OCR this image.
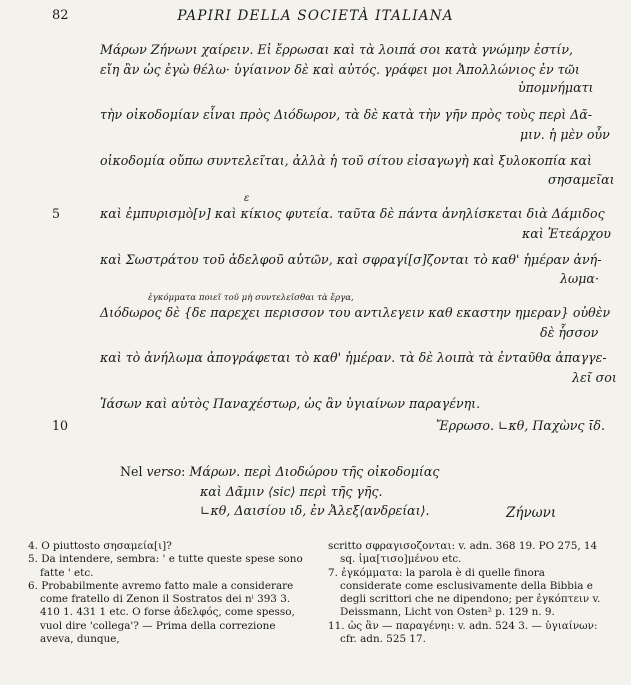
82	PAPIRI DELLA SOCIETÀ ITALIANA
Μάρων Ζήνωνι χαίρειν. Εἰ ἔρρωσαι καὶ τὰ λοιπά σοι κατὰ γνώμην ἐστίν,
εἴη ἂν ὡς ἐγὼ θέλω· ὑγίαινον δὲ καὶ αὐτός. γράφει μοι Ἀπολλώνιος ἐν τῶι
ὑπομνήματι
τὴν οἰκοδομίαν εἶναι πρὸς Διόδωρον, τὰ δὲ κατὰ τὴν γῆν πρὸς τοὺς περὶ Δᾶ-
μιν. ἡ μὲν οὖν
οἰκοδομία οὔπω συντελεῖται, ἀλλὰ ἡ τοῦ σίτου εἰσαγωγὴ καὶ ξυλοκοπία καὶ
σησαμεῖαι
ε
5	καὶ ἐμπυρισμὸ[ν] καὶ κίκιος φυτεία. ταῦτα δὲ πάντα ἀνηλίσκεται διὰ Δάμιδος
καὶ Ἐτεάρχου
καὶ Σωστράτου τοῦ ἀδελφοῦ αὐτῶν, καὶ σφραγί[σ]ζονται τὸ καθ' ἡμέραν ἀνή-
λωμα·
ἐγκόμματα ποιεῖ τοῦ μὴ συντελεῖσθαι τὰ ἔργα,
Διόδωρος δὲ {δε παρεχει περισσον του αντιλεγειν καθ εκαστην ημεραν} οὐθὲν
δὲ ἧσσον
καὶ τὸ ἀνήλωμα ἀπογράφεται τὸ καθ' ἡμέραν. τὰ δὲ λοιπὰ τὰ ἐνταῦθα ἀπαγγε-
λεῖ σοι
Ἰάσων καὶ αὐτὸς Παναχέστωρ, ὡς ἂν ὑγιαίνων παραγένηι.
10	Ἔρρωσο. ∟κθ, Παχὼνς ῑδ.
Nel verso: Μάρων. περὶ Διοδώρου τῆς οἰκοδομίας
καὶ Δᾶμιν ⟨sic⟩ περὶ τῆς γῆς.
∟κθ, Δαισίου ιδ, ἐν Ἀλεξ⟨ανδρείαι⟩.	Ζήνωνι

4. O piuttosto σησαμεία[ι]?

5. Da intendere, sembra: ' e tutte queste spese sono fatte ' etc.

6. Probabilmente avremo fatto male a considerare come fratello di Zenon il Sostratos dei nⁱ 393 3. 410 1. 431 1 etc. O forse ἀδελφός, come spesso, vuol dire 'collega'? — Prima della correzione aveva, dunque,

scritto σφραγισοζονται: v. adn. 368 19. PO 275, 14 sq. ἱμα[τισο]μένου etc.

7. ἐγκόμματα: la parola è di quelle finora considerate come esclusivamente della Bibbia e degli scrittori che ne dipendono; per ἐγκόπτειν v. Deissmann, Licht von Osten² p. 129 n. 9.

11. ὡς ἂν — παραγένηι: v. adn. 524 3. — ὑγιαίνων: cfr. adn. 525 17.
